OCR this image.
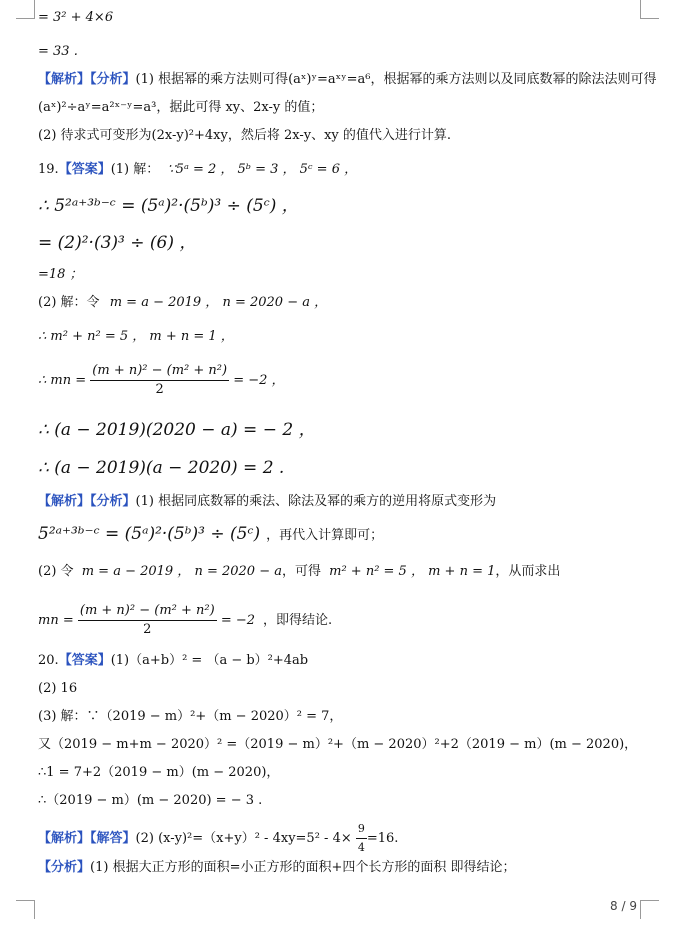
= 3² + 4×6
= 33 .
【解析】【分析】(1) 根据幂的乘方法则可得(aˣ)ʸ=aˣʸ=a⁶，根据幂的乘方法则以及同底数幂的除法法则可得
(aˣ)²÷aʸ=a²ˣ⁻ʸ=a³，据此可得 xy、2x-y 的值；
(2) 待求式可变形为(2x-y)²+4xy，然后将 2x-y、xy 的值代入进行计算.
19.【答案】(1) 解： ∵5ᵃ = 2 ， 5ᵇ = 3 ， 5ᶜ = 6 ，
∴ 5²ᵃ⁺³ᵇ⁻ᶜ = (5ᵃ)²·(5ᵇ)³ ÷ (5ᶜ) ，
= (2)²·(3)³ ÷ (6) ，
=18 ；
(2) 解：令 m = a − 2019 ， n = 2020 − a ，
∴ m² + n² = 5 ， m + n = 1 ，
∴ mn = $\frac{\text{(m + n)² − (m² + n²)}}{2} = -2$ ，
∴ (a − 2019)(2020 − a) = − 2 ，
∴ (a − 2019)(a − 2020) = 2 .
【解析】【分析】(1) 根据同底数幂的乘法、除法及幂的乘方的逆用将原式变形为
5²ᵃ⁺³ᵇ⁻ᶜ = (5ᵃ)²·(5ᵇ)³ ÷ (5ᶜ) ，再代入计算即可；
(2) 令 m = a − 2019 ， n = 2020 − a，可得 m² + n² = 5 ， m + n = 1，从而求出
mn = $\frac{\text{(m + n)² − (m² + n²)}}{2} = -2$ ，即得结论.
20.【答案】(1)（a+b）² = （a − b）²+4ab
(2) 16
(3) 解：∵（2019 − m）²+（m − 2020）² = 7，
又（2019 − m+m − 2020）² =（2019 − m）²+（m − 2020）²+2（2019 − m）(m − 2020)，
∴1 = 7+2（2019 − m）(m − 2020)，
∴（2019 − m）(m − 2020) = − 3 .
【解析】【解答】(2) $(x-y)^2=(x+y)^2 - 4xy=5^2 - 4\times \frac{9}{4} =16$.
【分析】(1) 根据大正方形的面积=小正方形的面积+四个长方形的面积 即得结论；
8 / 9
